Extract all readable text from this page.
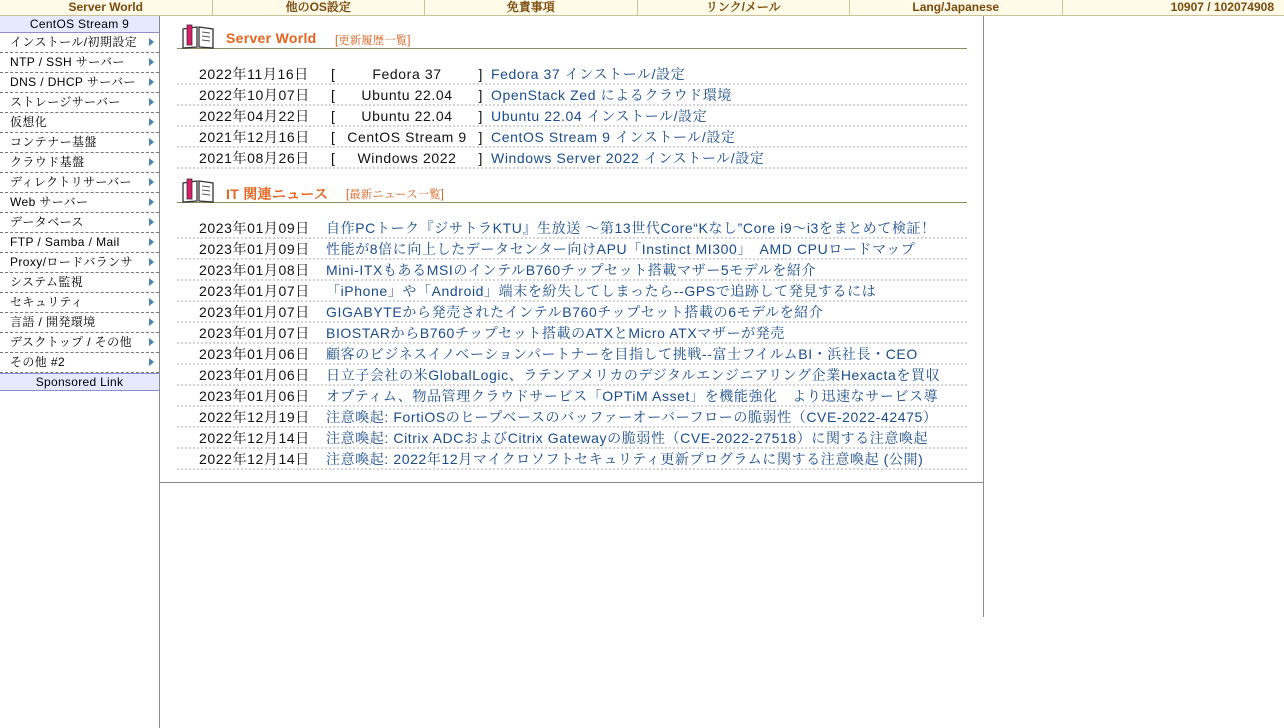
Server World	他のOS設定	免責事項	リンク/メール	Lang/Japanese	10907 / 102074908
CentOS Stream 9
インストール/初期設定
NTP / SSH サーバー
DNS / DHCP サーバー
ストレージサーバー
仮想化
コンテナー基盤
クラウド基盤
ディレクトリサーバー
Web サーバー
データベース
FTP / Samba / Mail
Proxy/ロードバランサ
システム監視
セキュリティ
言語 / 開発環境
デスクトップ / その他
その他 #2
Sponsored Link
Server World [更新履歴一覧]
2022年11月16日 [	Fedora 37	] Fedora 37 インストール/設定
2022年10月07日 [	Ubuntu 22.04	] OpenStack Zed によるクラウド環境
2022年04月22日 [	Ubuntu 22.04	] Ubuntu 22.04 インストール/設定
2021年12月16日 [ CentOS Stream 9 ] CentOS Stream 9 インストール/設定
2021年08月26日 [	Windows 2022	] Windows Server 2022 インストール/設定
IT 関連ニュース [最新ニュース一覧]
2023年01月09日 自作PCトーク『ジサトラKTU』生放送 ～第13世代Core“Kなし”Core i9～i3をまとめて検証！
2023年01月09日 性能が8倍に向上したデータセンター向けAPU「Instinct MI300」　AMD CPUロードマップ
2023年01月08日 Mini-ITXもあるMSIのインテルB760チップセット搭載マザー5モデルを紹介
2023年01月07日 「iPhone」や「Android」端末を紛失してしまったら--GPSで追跡して発見するには
2023年01月07日 GIGABYTEから発売されたインテルB760チップセット搭載の6モデルを紹介
2023年01月07日 BIOSTARからB760チップセット搭載のATXとMicro ATXマザーが発売
2023年01月06日 顧客のビジネスイノベーションパートナーを目指して挑戦--富士フイルムBI・浜社長・CEO
2023年01月06日 日立子会社の米GlobalLogic、ラテンアメリカのデジタルエンジニアリング企業Hexactaを買収
2023年01月06日 オプティム、物品管理クラウドサービス「OPTiM Asset」を機能強化　より迅速なサービス導
2022年12月19日 注意喚起: FortiOSのヒープベースのバッファーオーバーフローの脆弱性（CVE-2022-42475）
2022年12月14日 注意喚起: Citrix ADCおよびCitrix Gatewayの脆弱性（CVE-2022-27518）に関する注意喚起
2022年12月14日 注意喚起: 2022年12月マイクロソフトセキュリティ更新プログラムに関する注意喚起 (公開)
